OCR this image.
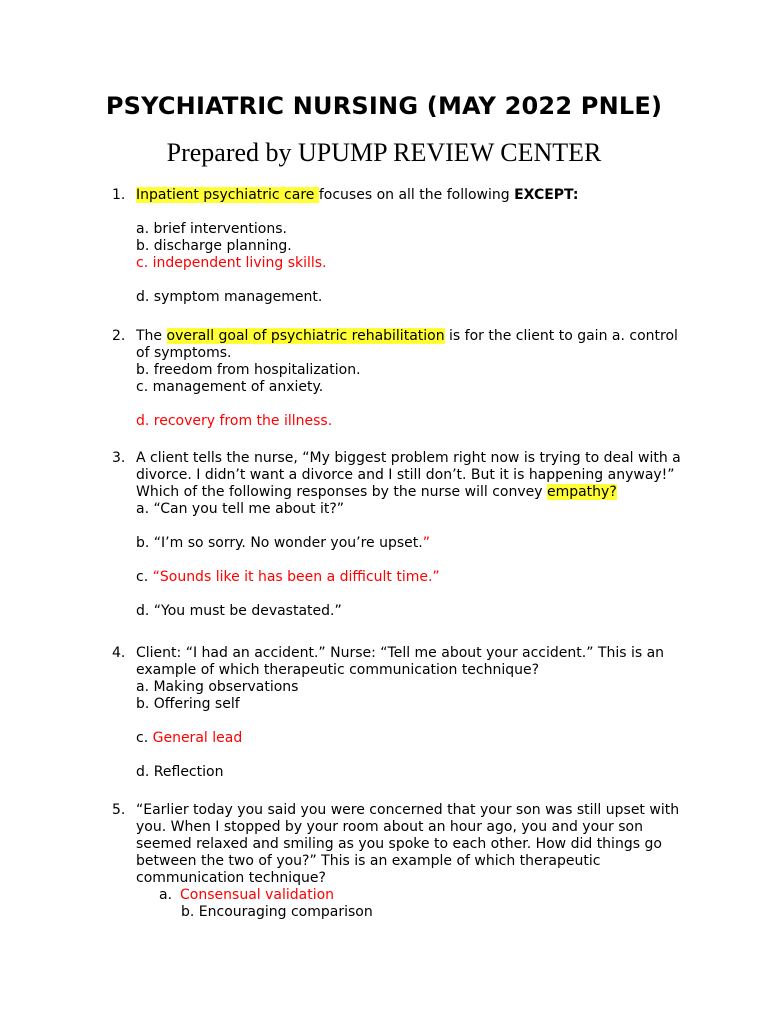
PSYCHIATRIC NURSING (MAY 2022 PNLE)
Prepared by UPUMP REVIEW CENTER
1. Inpatient psychiatric care focuses on all the following EXCEPT:
a. brief interventions.
b. discharge planning.
c. independent living skills.
d. symptom management.
2. The overall goal of psychiatric rehabilitation is for the client to gain a. control
of symptoms.
b. freedom from hospitalization.
c. management of anxiety.
d. recovery from the illness.
3. A client tells the nurse, “My biggest problem right now is trying to deal with a
divorce. I didn’t want a divorce and I still don’t. But it is happening anyway!”
Which of the following responses by the nurse will convey empathy?
a. “Can you tell me about it?”
b. “I’m so sorry. No wonder you’re upset.”
c. “Sounds like it has been a difficult time.”
d. “You must be devastated.”
4. Client: “I had an accident.” Nurse: “Tell me about your accident.” This is an
example of which therapeutic communication technique?
a. Making observations
b. Offering self
c. General lead
d. Reflection
5. “Earlier today you said you were concerned that your son was still upset with
you. When I stopped by your room about an hour ago, you and your son
seemed relaxed and smiling as you spoke to each other. How did things go
between the two of you?” This is an example of which therapeutic
communication technique?
a. Consensual validation
b. Encouraging comparison
